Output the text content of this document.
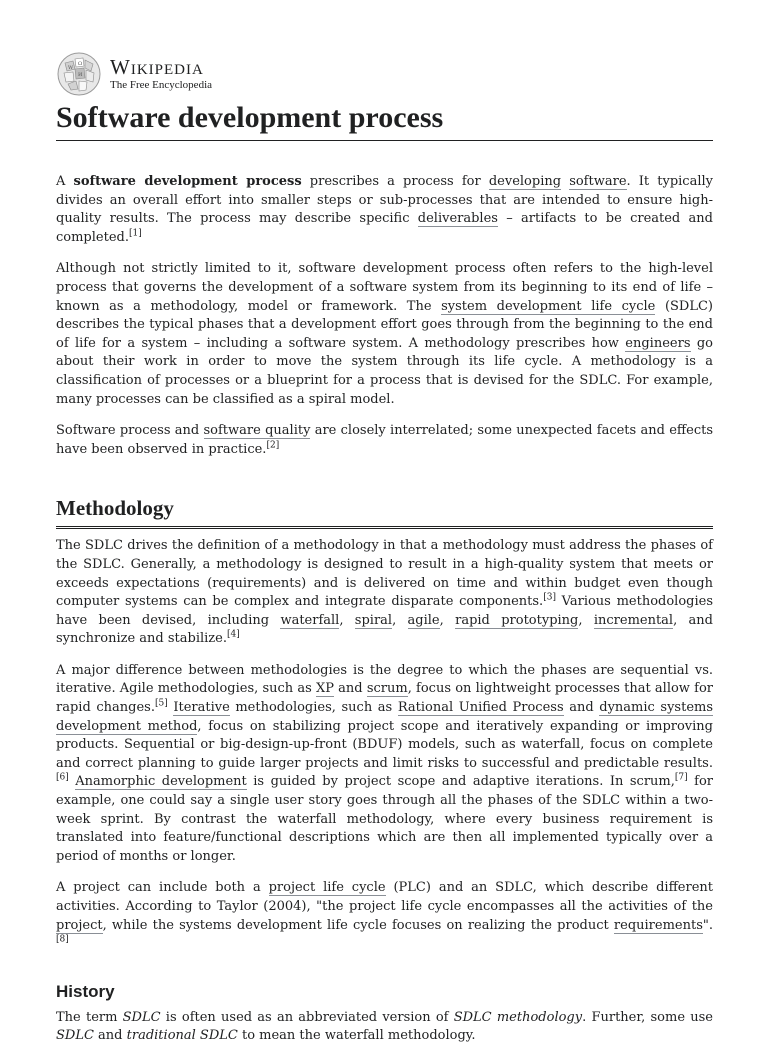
W
Ω
И Wikipedia
The Free Encyclopedia
Software development process

A software development process prescribes a process for developing software. It typically divides an overall effort into smaller steps or sub-processes that are intended to ensure high-quality results. The process may describe specific deliverables – artifacts to be created and completed.[1]

Although not strictly limited to it, software development process often refers to the high-level process that governs the development of a software system from its beginning to its end of life – known as a methodology, model or framework. The system development life cycle (SDLC) describes the typical phases that a development effort goes through from the beginning to the end of life for a system – including a software system. A methodology prescribes how engineers go about their work in order to move the system through its life cycle. A methodology is a classification of processes or a blueprint for a process that is devised for the SDLC. For example, many processes can be classified as a spiral model.

Software process and software quality are closely interrelated; some unexpected facets and effects have been observed in practice.[2]

Methodology

The SDLC drives the definition of a methodology in that a methodology must address the phases of the SDLC. Generally, a methodology is designed to result in a high-quality system that meets or exceeds expectations (requirements) and is delivered on time and within budget even though computer systems can be complex and integrate disparate components.[3] Various methodologies have been devised, including waterfall, spiral, agile, rapid prototyping, incremental, and synchronize and stabilize.[4]

A major difference between methodologies is the degree to which the phases are sequential vs. iterative. Agile methodologies, such as XP and scrum, focus on lightweight processes that allow for rapid changes.[5] Iterative methodologies, such as Rational Unified Process and dynamic systems development method, focus on stabilizing project scope and iteratively expanding or improving products. Sequential or big-design-up-front (BDUF) models, such as waterfall, focus on complete and correct planning to guide larger projects and limit risks to successful and predictable results.[6] Anamorphic development is guided by project scope and adaptive iterations. In scrum,[7] for example, one could say a single user story goes through all the phases of the SDLC within a two-week sprint. By contrast the waterfall methodology, where every business requirement is translated into feature/functional descriptions which are then all implemented typically over a period of months or longer.

A project can include both a project life cycle (PLC) and an SDLC, which describe different activities. According to Taylor (2004), "the project life cycle encompasses all the activities of the project, while the systems development life cycle focuses on realizing the product requirements".[8]

History

The term SDLC is often used as an abbreviated version of SDLC methodology. Further, some use SDLC and traditional SDLC to mean the waterfall methodology.
